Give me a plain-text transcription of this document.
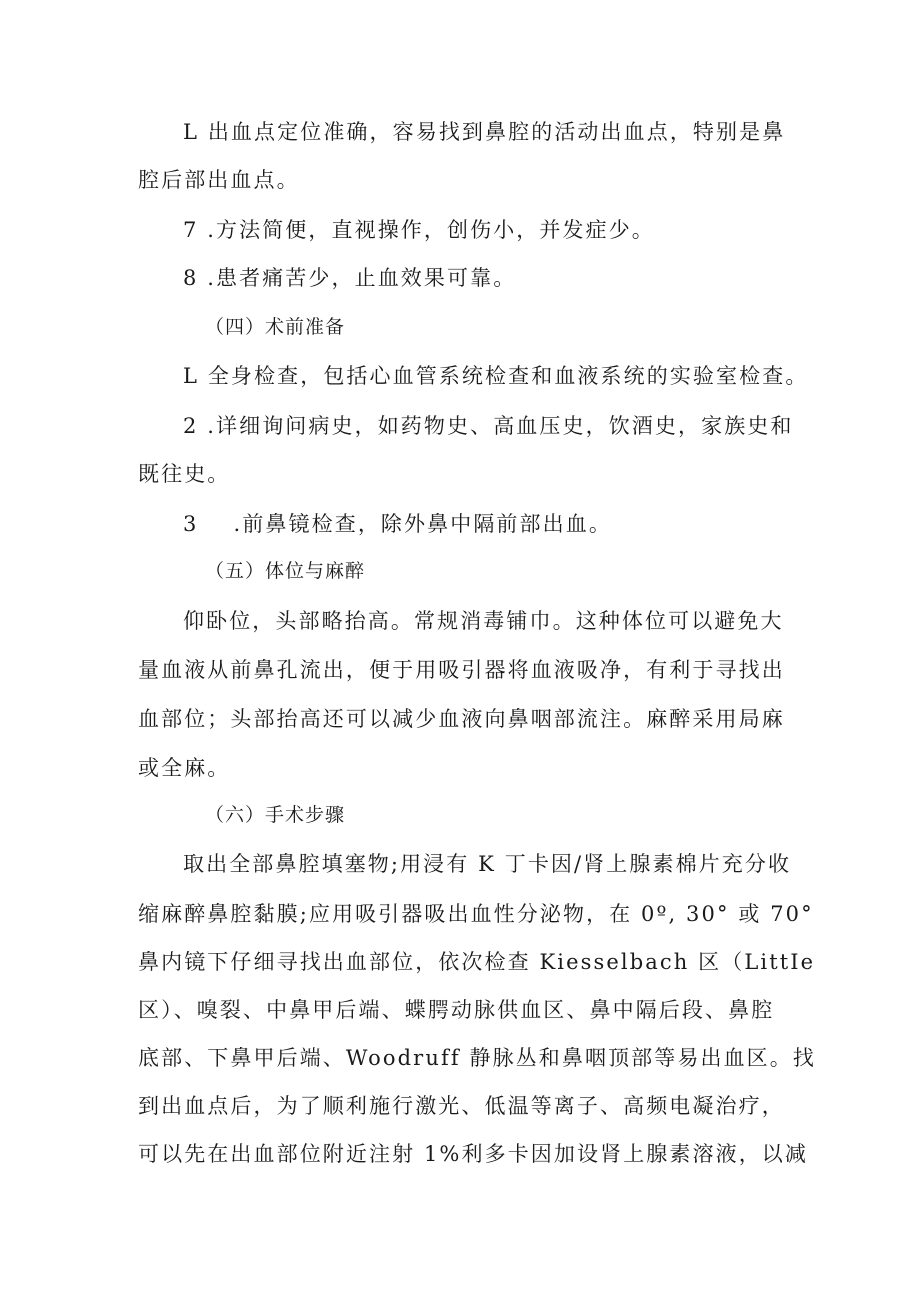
L 出血点定位准确，容易找到鼻腔的活动出血点，特别是鼻
腔后部出血点。
7 .方法简便，直视操作，创伤小，并发症少。
8 .患者痛苦少，止血效果可靠。
（四）术前准备
L 全身检查，包括心血管系统检查和血液系统的实验室检查。
2 .详细询问病史，如药物史、高血压史，饮酒史，家族史和
既往史。
3    .前鼻镜检查，除外鼻中隔前部出血。
（五）体位与麻醉
仰卧位，头部略抬高。常规消毒铺巾。这种体位可以避免大
量血液从前鼻孔流出，便于用吸引器将血液吸净，有利于寻找出
血部位；头部抬高还可以减少血液向鼻咽部流注。麻醉采用局麻
或全麻。
（六）手术步骤
取出全部鼻腔填塞物;用浸有 K 丁卡因/肾上腺素棉片充分收
缩麻醉鼻腔黏膜;应用吸引器吸出血性分泌物，在 0º, 30° 或 70°
鼻内镜下仔细寻找出血部位，依次检查 Kiesselbach 区（LittIe
区）、嗅裂、中鼻甲后端、蝶腭动脉供血区、鼻中隔后段、鼻腔
底部、下鼻甲后端、Woodruff 静脉丛和鼻咽顶部等易出血区。找
到出血点后，为了顺利施行激光、低温等离子、高频电凝治疗，
可以先在出血部位附近注射 1%利多卡因加设肾上腺素溶液，以减
